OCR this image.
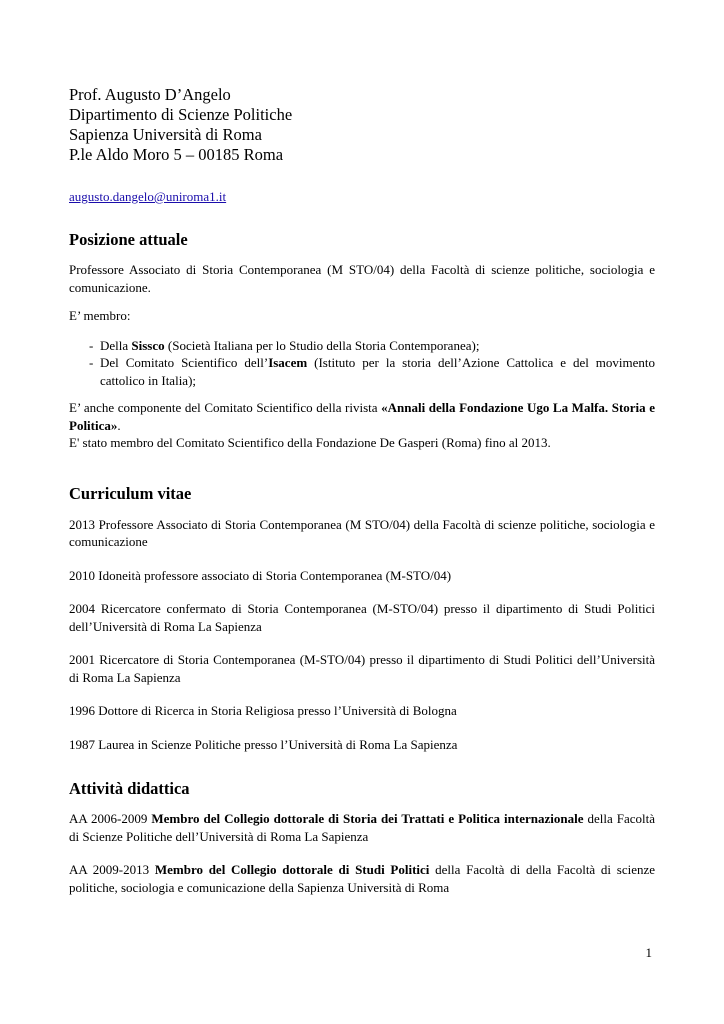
Prof. Augusto D’Angelo

Dipartimento di Scienze Politiche

Sapienza Università di Roma

P.le Aldo Moro 5 – 00185 Roma

augusto.dangelo@uniroma1.it
Posizione attuale

Professore Associato di Storia Contemporanea (M STO/04) della Facoltà di scienze politiche, sociologia e comunicazione.

E’ membro:

- Della Sissco (Società Italiana per lo Studio della Storia Contemporanea);
- Del Comitato Scientifico dell’Isacem (Istituto per la storia dell’Azione Cattolica e del movimento cattolico in Italia);

E’ anche componente del Comitato Scientifico della rivista «Annali della Fondazione Ugo La Malfa. Storia e Politica».

E' stato membro del Comitato Scientifico della Fondazione De Gasperi (Roma) fino al 2013.

Curriculum vitae

2013 Professore Associato di Storia Contemporanea (M STO/04) della Facoltà di scienze politiche, sociologia e comunicazione

2010 Idoneità professore associato di Storia Contemporanea (M-STO/04)

2004 Ricercatore confermato di Storia Contemporanea (M-STO/04) presso il dipartimento di Studi Politici dell’Università di Roma La Sapienza

2001 Ricercatore di Storia Contemporanea (M-STO/04) presso il dipartimento di Studi Politici dell’Università di Roma La Sapienza

1996 Dottore di Ricerca in Storia Religiosa presso l’Università di Bologna

1987 Laurea in Scienze Politiche presso l’Università di Roma La Sapienza

Attività didattica

AA 2006-2009 Membro del Collegio dottorale di Storia dei Trattati e Politica internazionale della Facoltà di Scienze Politiche dell’Università di Roma La Sapienza

AA 2009-2013 Membro del Collegio dottorale di Studi Politici della Facoltà di della Facoltà di scienze politiche, sociologia e comunicazione della Sapienza Università di Roma

1
